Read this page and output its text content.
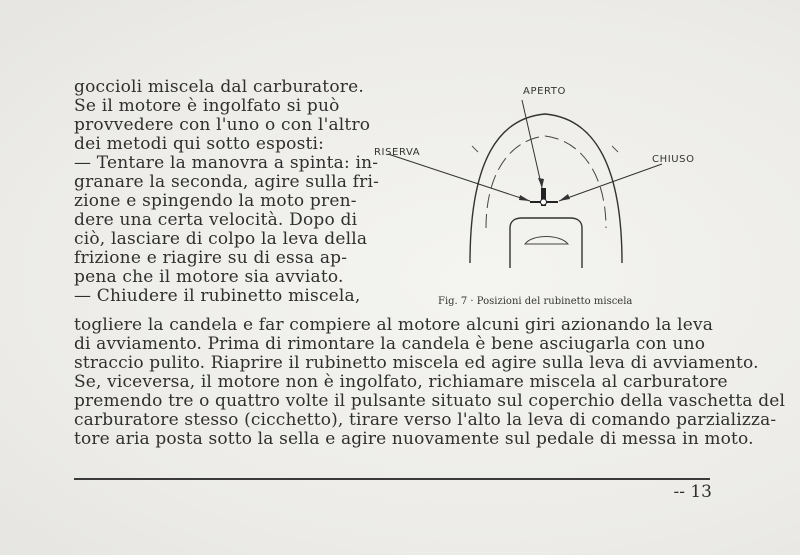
goccioli miscela dal carburatore.
Se il motore è ingolfato si può
provvedere con l'uno o con l'altro
dei metodi qui sotto esposti:
— Tentare la manovra a spinta: in-
granare la seconda, agire sulla fri-
zione e spingendo la moto pren-
dere una certa velocità. Dopo di
ciò, lasciare di colpo la leva della
frizione e riagire su di essa ap-
pena che il motore sia avviato.
— Chiudere il rubinetto miscela,
togliere la candela e far compiere al motore alcuni giri azionando la leva
di avviamento. Prima di rimontare la candela è bene asciugarla con uno
straccio pulito. Riaprire il rubinetto miscela ed agire sulla leva di avviamento.
Se, viceversa, il motore non è ingolfato, richiamare miscela al carburatore
premendo tre o quattro volte il pulsante situato sul coperchio della vaschetta del
carburatore stesso (cicchetto), tirare verso l'alto la leva di comando parzializza-
tore aria posta sotto la sella e agire nuovamente sul pedale di messa in moto.
APERTO
RISERVA
CHIUSO
Fig. 7 · Posizioni del rubinetto miscela
-- 13
